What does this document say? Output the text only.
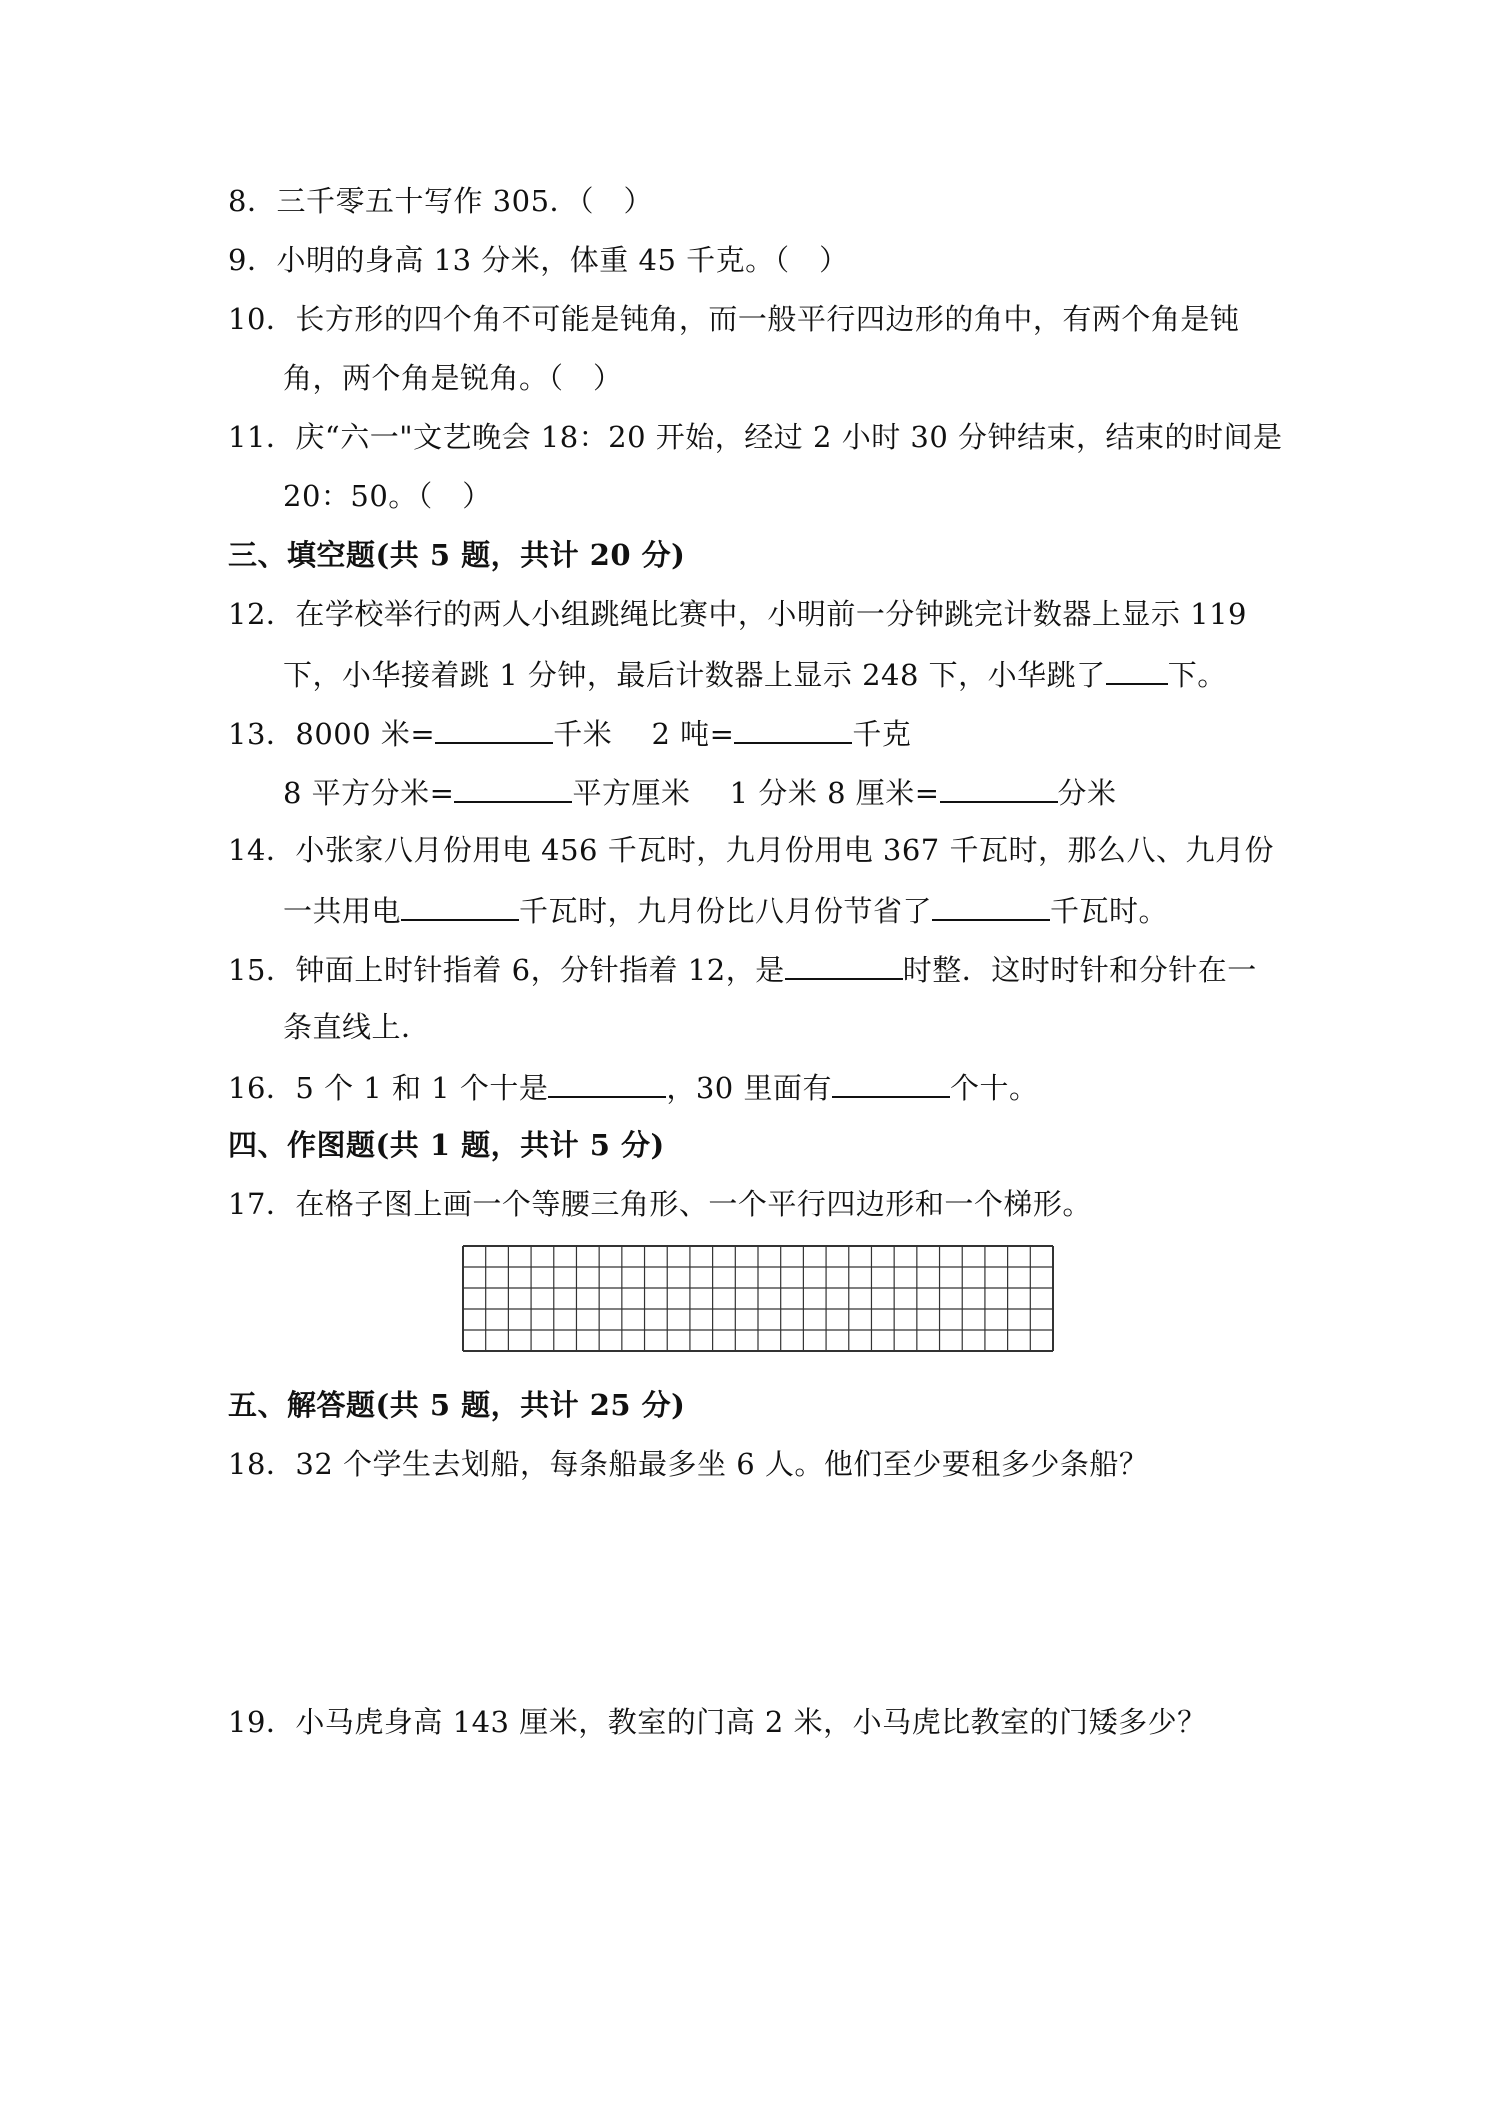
8．三千零五十写作 305．（　）
9．小明的身高 13 分米，体重 45 千克。（　）
10．长方形的四个角不可能是钝角，而一般平行四边形的角中，有两个角是钝
角，两个角是锐角。（　）
11．庆“六一"文艺晚会 18：20 开始，经过 2 小时 30 分钟结束，结束的时间是
20：50。（　）
三、填空题(共 5 题，共计 20 分)
12．在学校举行的两人小组跳绳比赛中，小明前一分钟跳完计数器上显示 119
下，小华接着跳 1 分钟，最后计数器上显示 248 下，小华跳了 下。
13．8000 米=	千米　 2 吨=	千克
8 平方分米=	平方厘米　 1 分米 8 厘米=	分米
14．小张家八月份用电 456 千瓦时，九月份用电 367 千瓦时，那么八、九月份
一共用电	千瓦时，九月份比八月份节省了	千瓦时。
15．钟面上时针指着 6，分针指着 12，是	时整．这时时针和分针在一
条直线上．
16．5 个 1 和 1 个十是	，30 里面有	个十。
四、作图题(共 1 题，共计 5 分)
17．在格子图上画一个等腰三角形、一个平行四边形和一个梯形。
五、解答题(共 5 题，共计 25 分)
18．32 个学生去划船，每条船最多坐 6 人。他们至少要租多少条船？
19．小马虎身高 143 厘米，教室的门高 2 米，小马虎比教室的门矮多少？
